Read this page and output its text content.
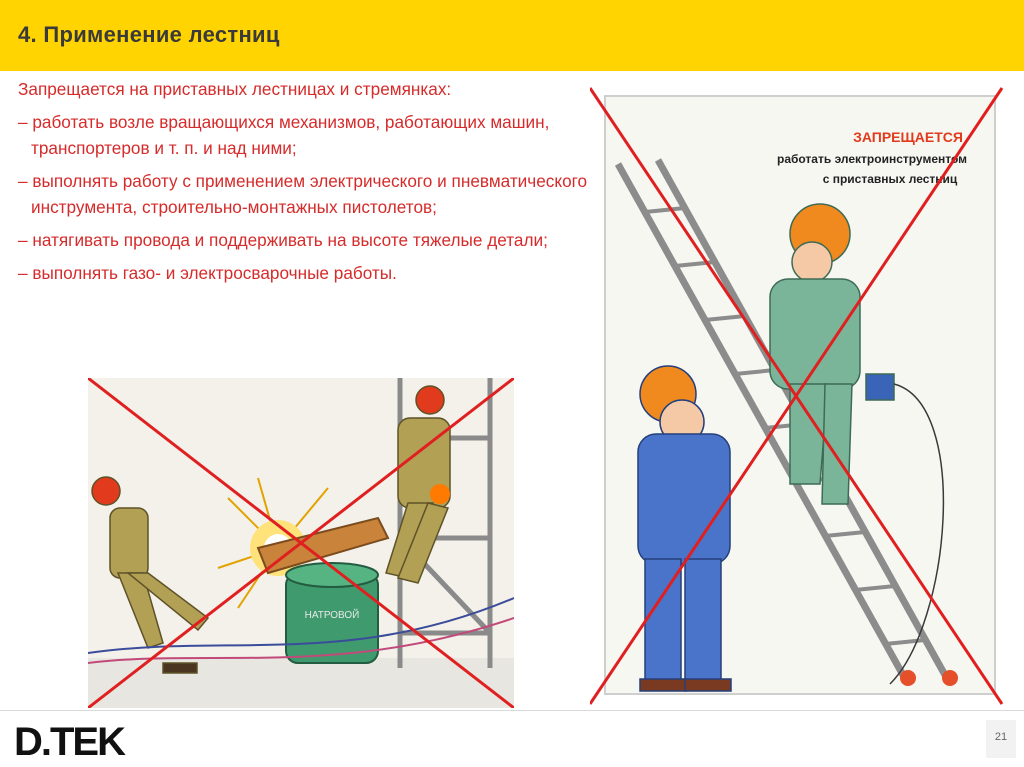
4. Применение лестниц

Запрещается на приставных лестницах и стремянках:

– работать возле вращающихся механизмов, работающих машин, транспортеров и т. п. и над ними;

– выполнять работу с применением электрического и пневматического инструмента, строительно-монтажных пистолетов;

– натягивать провода и поддерживать на высоте тяжелые детали;

– выполнять газо- и электросварочные работы.

НАТРОВОЙ
ЗАПРЕЩАЕТСЯ
работать электроинструментом
с приставных лестниц
D.TEK	21
